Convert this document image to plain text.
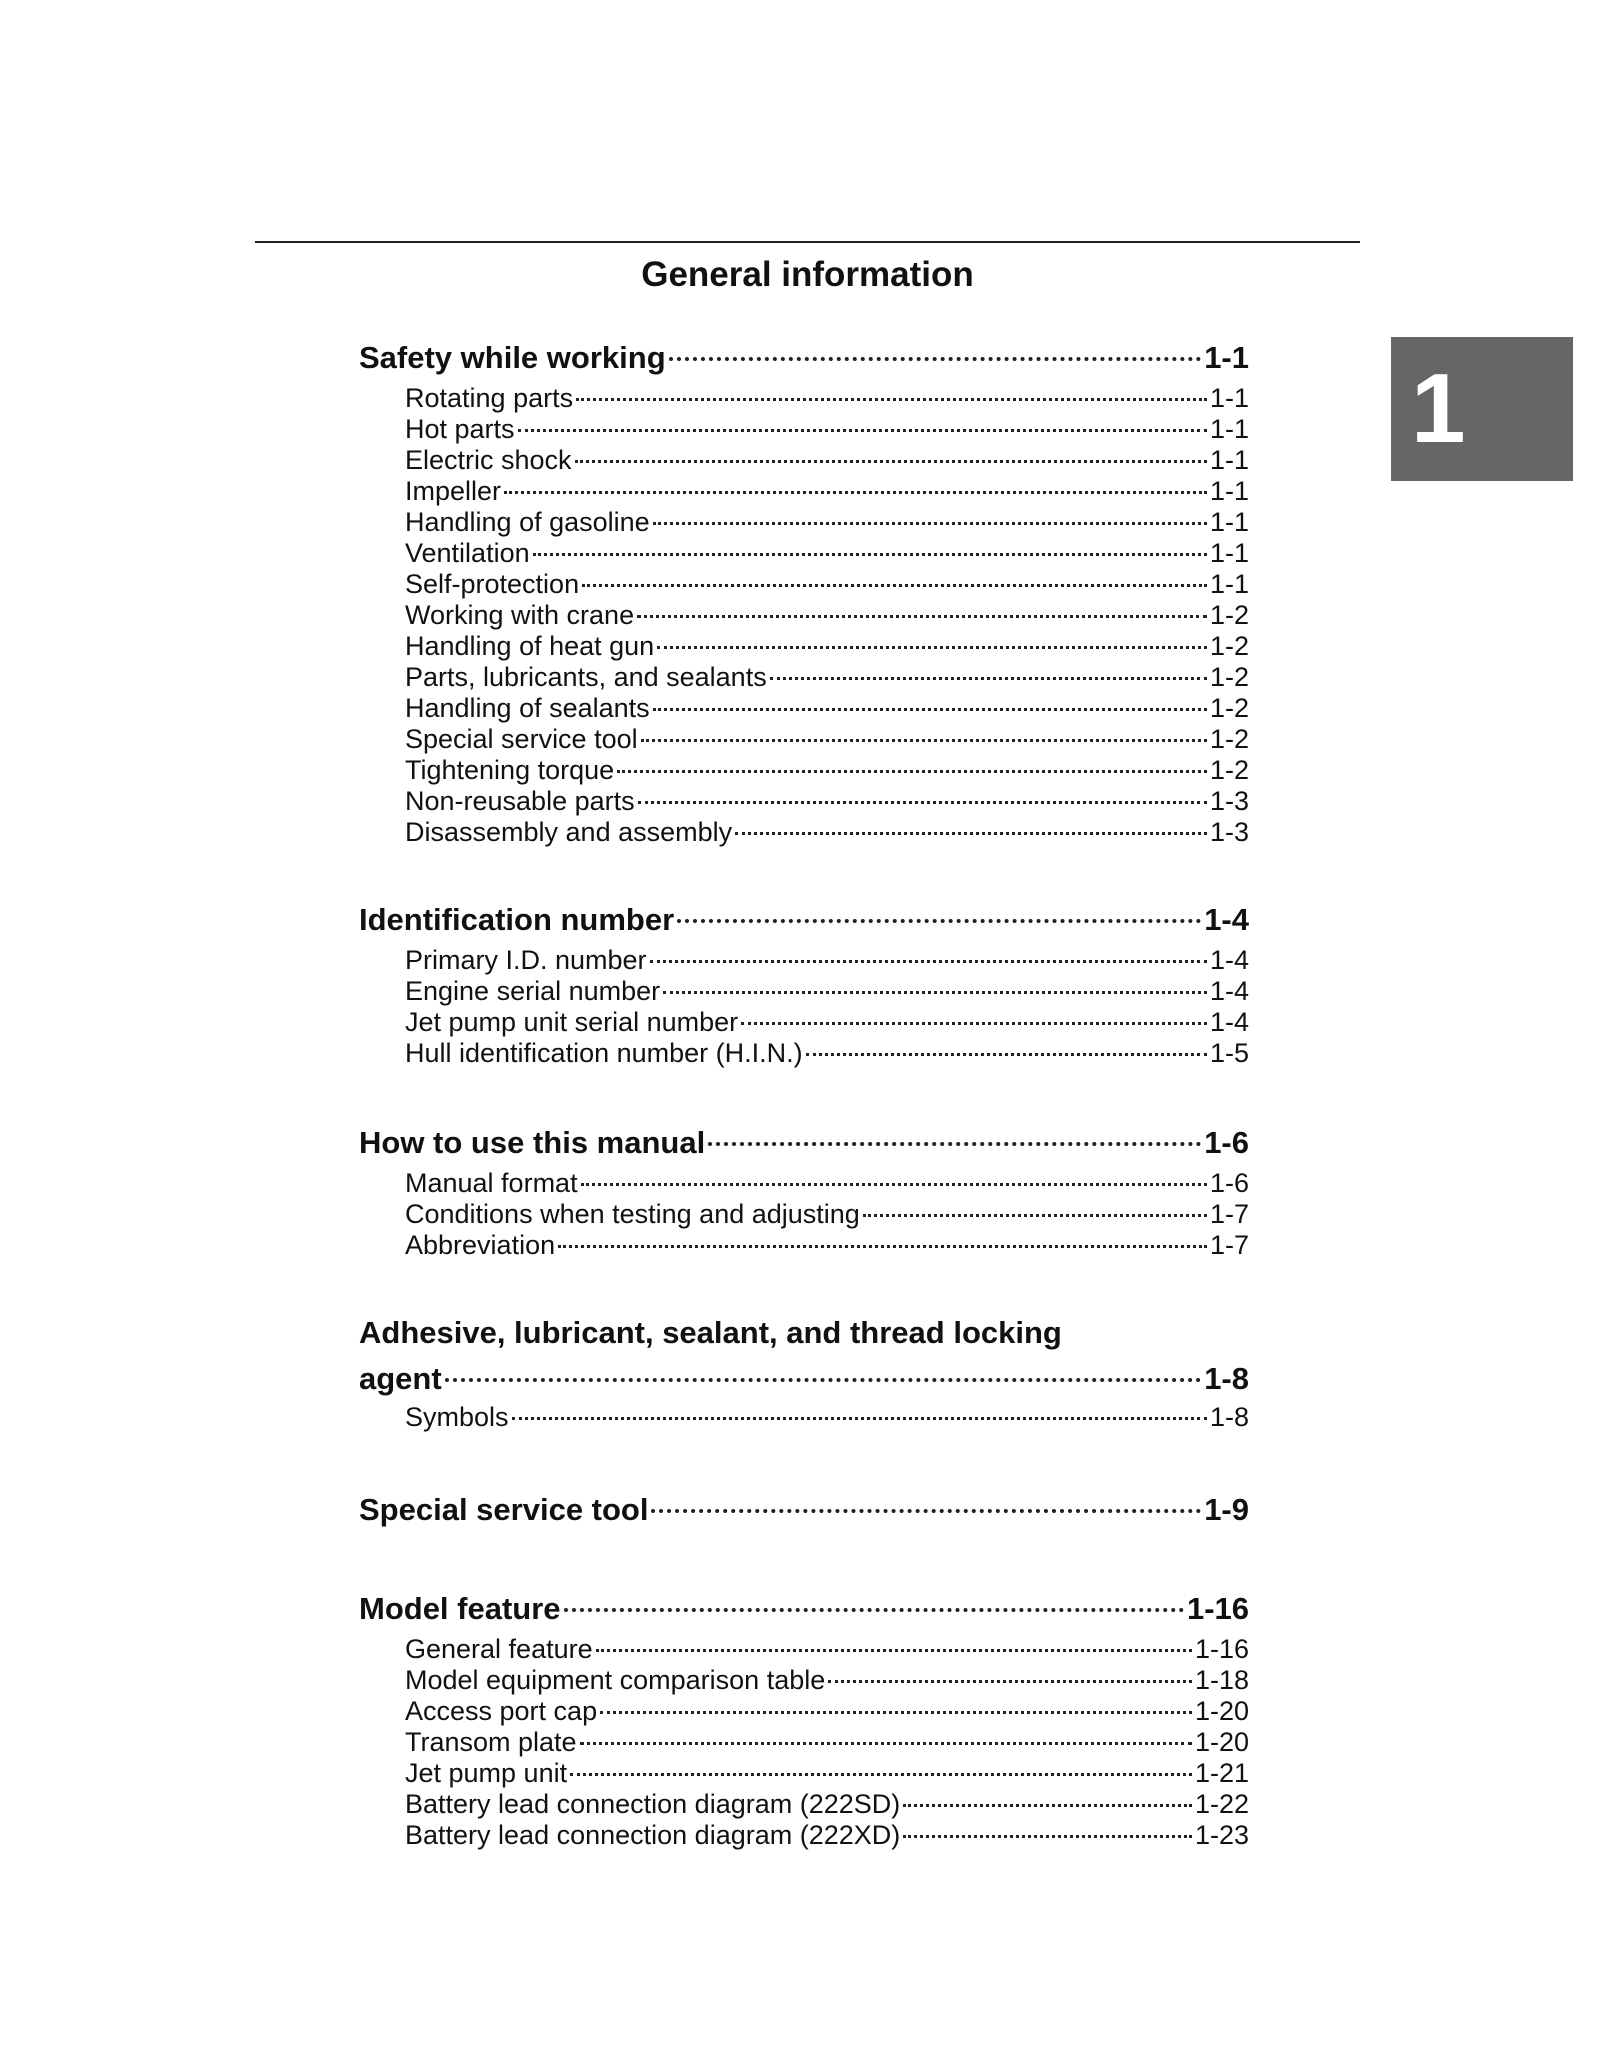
General information
1
Safety while working	1-1
Rotating parts	1-1
Hot parts	1-1
Electric shock	1-1
Impeller	1-1
Handling of gasoline	1-1
Ventilation	1-1
Self-protection	1-1
Working with crane	1-2
Handling of heat gun	1-2
Parts, lubricants, and sealants	1-2
Handling of sealants	1-2
Special service tool	1-2
Tightening torque	1-2
Non-reusable parts	1-3
Disassembly and assembly	1-3
Identification number	1-4
Primary I.D. number	1-4
Engine serial number	1-4
Jet pump unit serial number	1-4
Hull identification number (H.I.N.)	1-5
How to use this manual	1-6
Manual format	1-6
Conditions when testing and adjusting	1-7
Abbreviation	1-7
Adhesive, lubricant, sealant, and thread locking
agent	1-8
Symbols	1-8
Special service tool	1-9
Model feature	1-16
General feature	1-16
Model equipment comparison table	1-18
Access port cap	1-20
Transom plate	1-20
Jet pump unit	1-21
Battery lead connection diagram (222SD)	1-22
Battery lead connection diagram (222XD)	1-23
